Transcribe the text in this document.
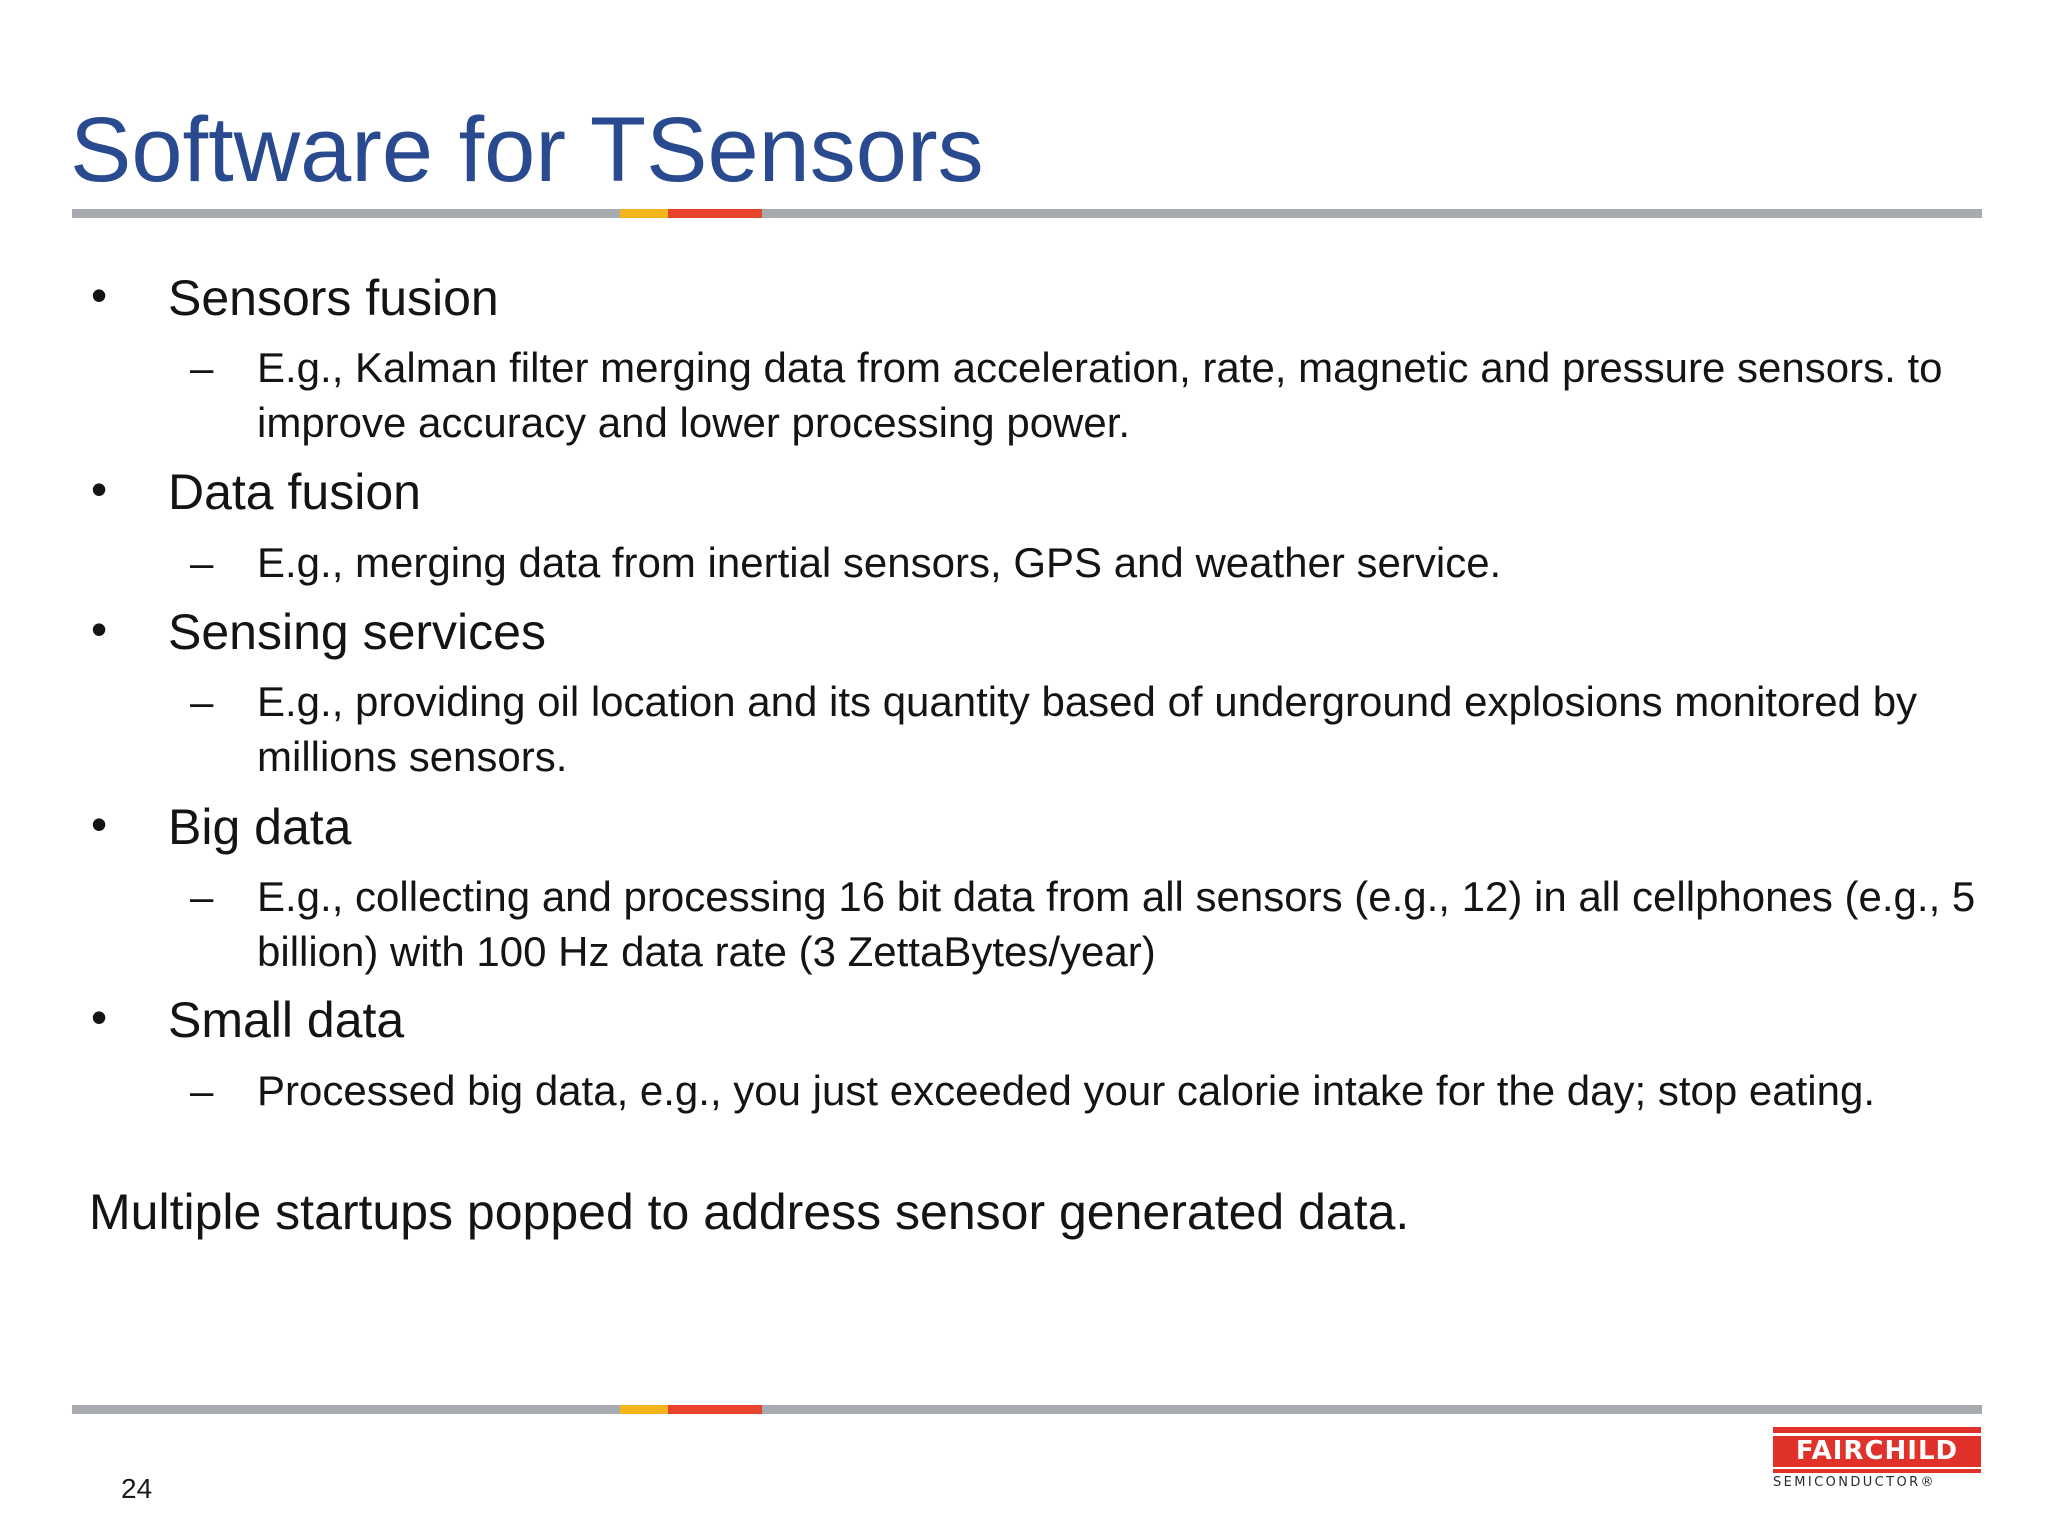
Software for TSensors
• Sensors fusion
– E.g., Kalman filter merging data from acceleration, rate, magnetic and pressure sensors. to improve accuracy and lower processing power.
• Data fusion
– E.g., merging data from inertial sensors, GPS and weather service.
• Sensing services
– E.g., providing oil location and its quantity based of underground explosions monitored by millions sensors.
• Big data
– E.g., collecting and processing 16 bit data from all sensors (e.g., 12) in all cellphones (e.g., 5 billion) with 100 Hz data rate (3 ZettaBytes/year)
• Small data
– Processed big data, e.g., you just exceeded your calorie intake for the day; stop eating.

Multiple startups popped to address sensor generated data.

24
FAIRCHILD
SEMICONDUCTOR®
